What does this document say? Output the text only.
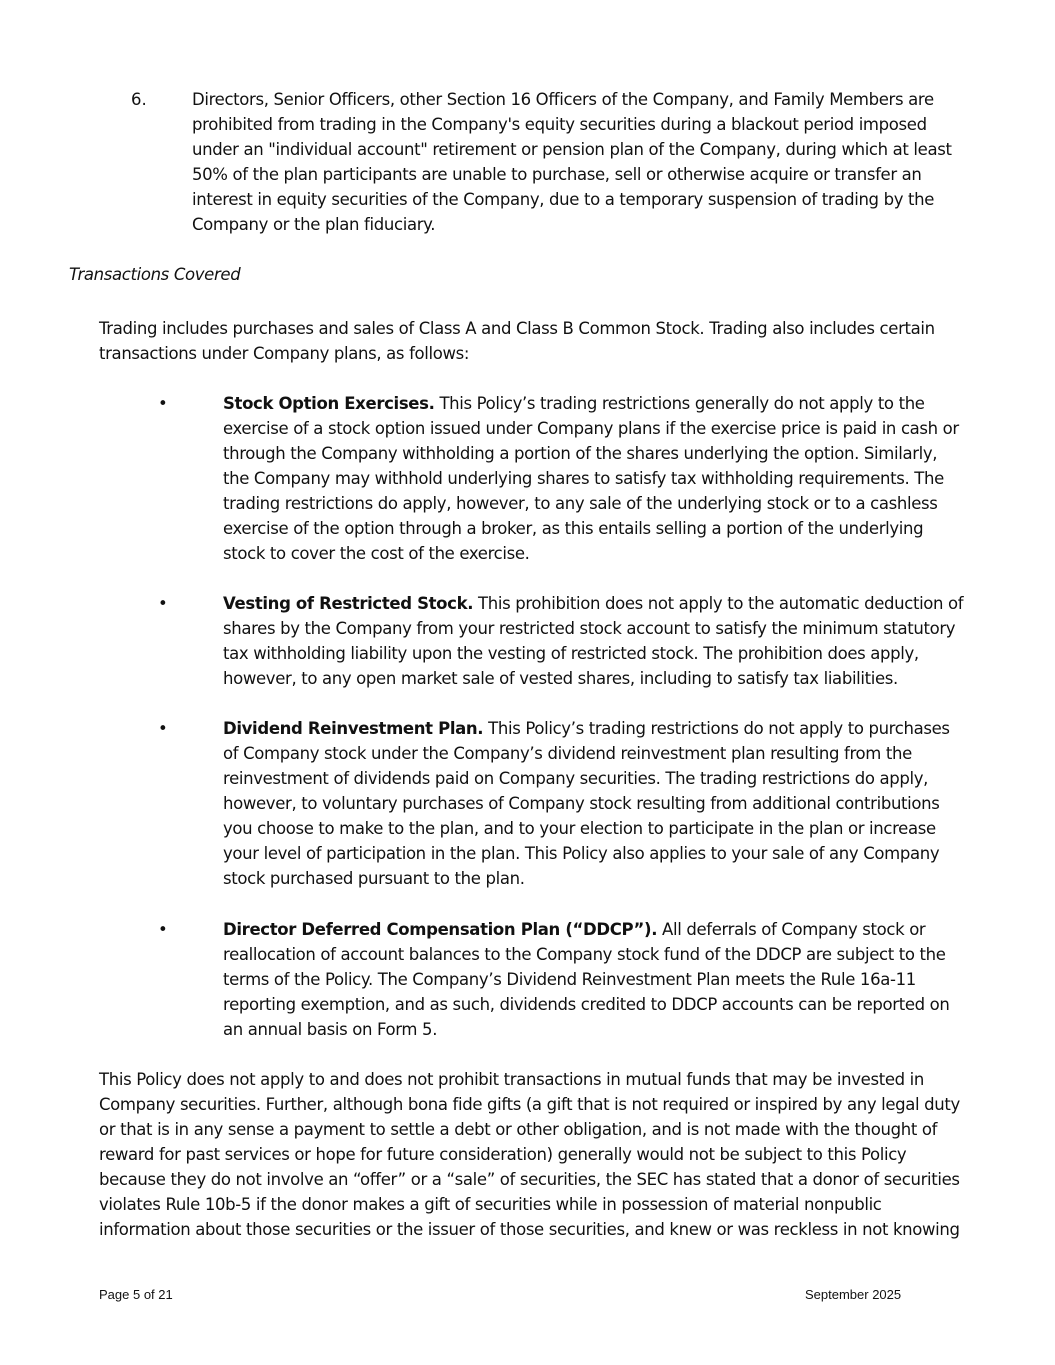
6.	Directors, Senior Officers, other Section 16 Officers of the Company, and Family Members are prohibited from trading in the Company's equity securities during a blackout period imposed under an "individual account" retirement or pension plan of the Company, during which at least 50% of the plan participants are unable to purchase, sell or otherwise acquire or transfer an interest in equity securities of the Company, due to a temporary suspension of trading by the Company or the plan fiduciary.

Transactions Covered

Trading includes purchases and sales of Class A and Class B Common Stock. Trading also includes certain transactions under Company plans, as follows:

•	Stock Option Exercises. This Policy’s trading restrictions generally do not apply to the exercise of a stock option issued under Company plans if the exercise price is paid in cash or through the Company withholding a portion of the shares underlying the option. Similarly, the Company may withhold underlying shares to satisfy tax withholding requirements. The trading restrictions do apply, however, to any sale of the underlying stock or to a cashless exercise of the option through a broker, as this entails selling a portion of the underlying stock to cover the cost of the exercise.

•	Vesting of Restricted Stock. This prohibition does not apply to the automatic deduction of shares by the Company from your restricted stock account to satisfy the minimum statutory tax withholding liability upon the vesting of restricted stock. The prohibition does apply, however, to any open market sale of vested shares, including to satisfy tax liabilities.

•	Dividend Reinvestment Plan. This Policy’s trading restrictions do not apply to purchases of Company stock under the Company’s dividend reinvestment plan resulting from the reinvestment of dividends paid on Company securities. The trading restrictions do apply, however, to voluntary purchases of Company stock resulting from additional contributions you choose to make to the plan, and to your election to participate in the plan or increase your level of participation in the plan. This Policy also applies to your sale of any Company stock purchased pursuant to the plan.

•	Director Deferred Compensation Plan (“DDCP”). All deferrals of Company stock or reallocation of account balances to the Company stock fund of the DDCP are subject to the terms of the Policy. The Company’s Dividend Reinvestment Plan meets the Rule 16a-11 reporting exemption, and as such, dividends credited to DDCP accounts can be reported on an annual basis on Form 5.

This Policy does not apply to and does not prohibit transactions in mutual funds that may be invested in Company securities. Further, although bona fide gifts (a gift that is not required or inspired by any legal duty or that is in any sense a payment to settle a debt or other obligation, and is not made with the thought of reward for past services or hope for future consideration) generally would not be subject to this Policy because they do not involve an “offer” or a “sale” of securities, the SEC has stated that a donor of securities violates Rule 10b-5 if the donor makes a gift of securities while in possession of material nonpublic information about those securities or the issuer of those securities, and knew or was reckless in not knowing

Page 5 of 21	September 2025
